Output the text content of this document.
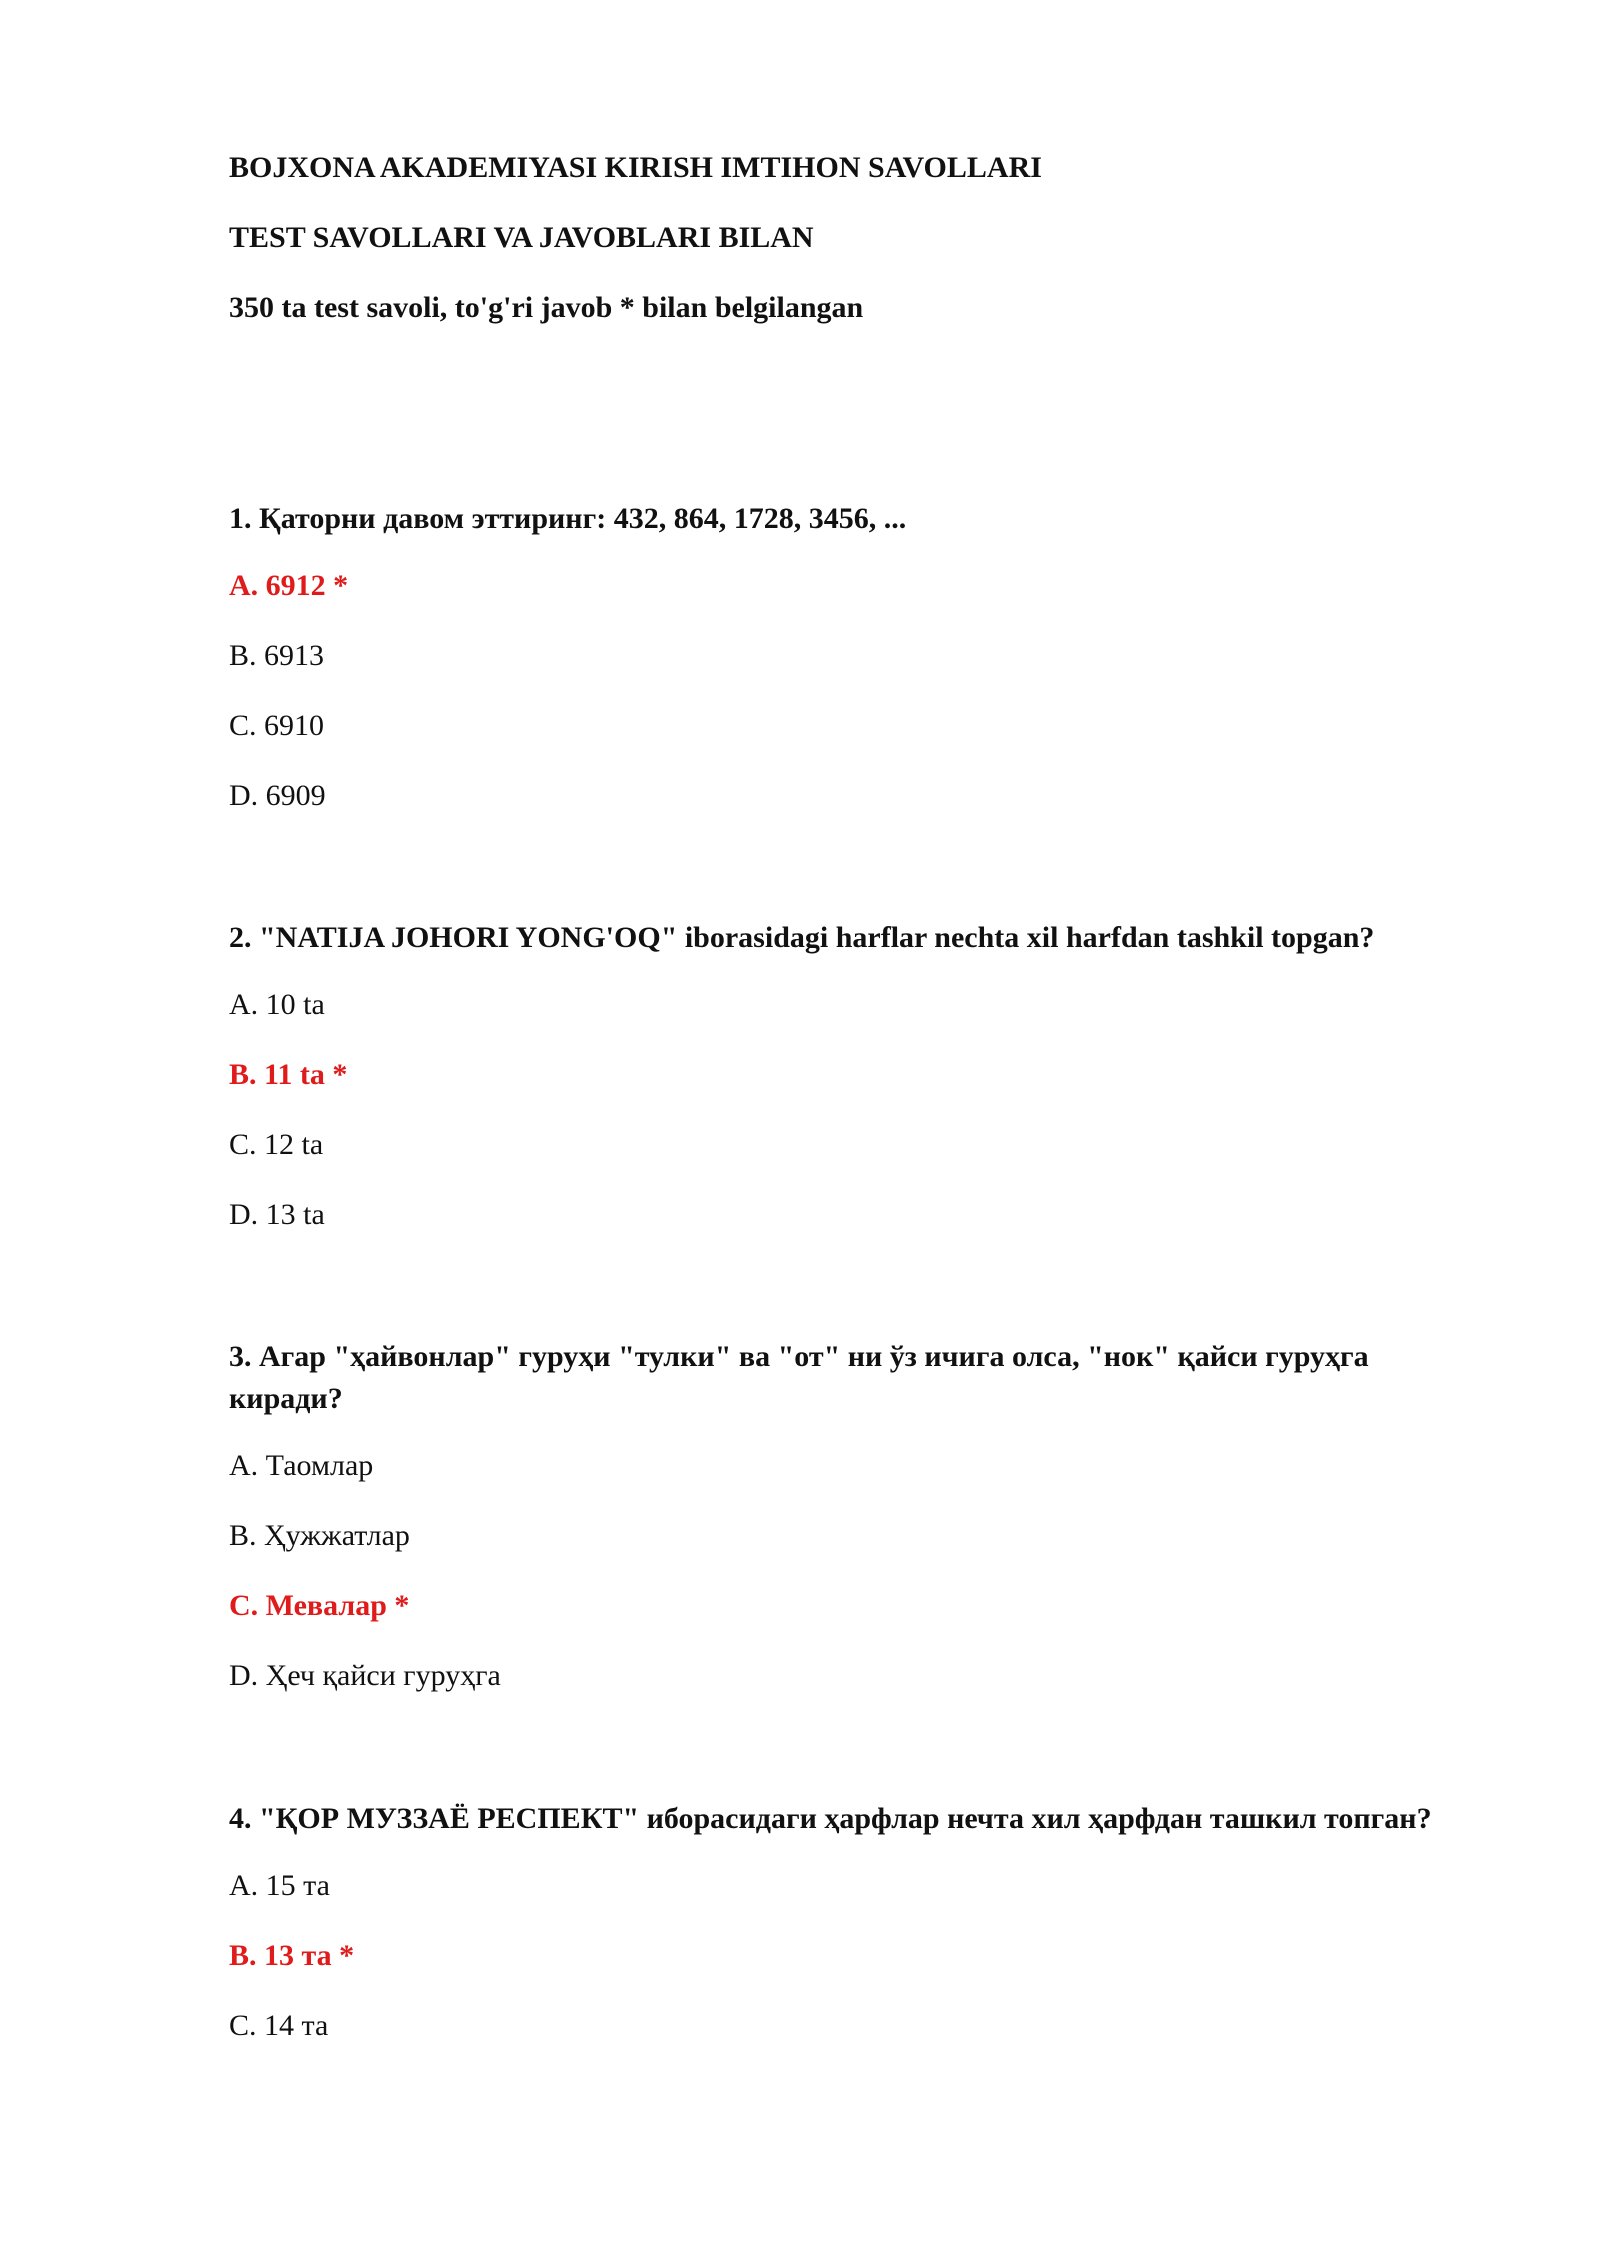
BOJXONA AKADEMIYASI KIRISH IMTIHON SAVOLLARI

TEST SAVOLLARI VA JAVOBLARI BILAN

350 ta test savoli, to'g'ri javob * bilan belgilangan

1. Қаторни давом эттиринг: 432, 864, 1728, 3456, ...

A. 6912 *

B. 6913

C. 6910

D. 6909

2. "NATIJA JOHORI YONG'OQ" iborasidagi harflar nechta xil harfdan tashkil topgan?

A. 10 ta

B. 11 ta *

C. 12 ta

D. 13 ta

3. Агар "ҳайвонлар" гуруҳи "тулки" ва "от" ни ўз ичига олса, "нок" қайси гуруҳга киради?

A. Таомлар

B. Ҳужжатлар

C. Мевалар *

D. Ҳеч қайси гуруҳга

4. "ҚОР МУЗЗАЁ РЕСПЕКТ" иборасидаги ҳарфлар нечта хил ҳарфдан ташкил топган?

A. 15 та

B. 13 та *

C. 14 та
